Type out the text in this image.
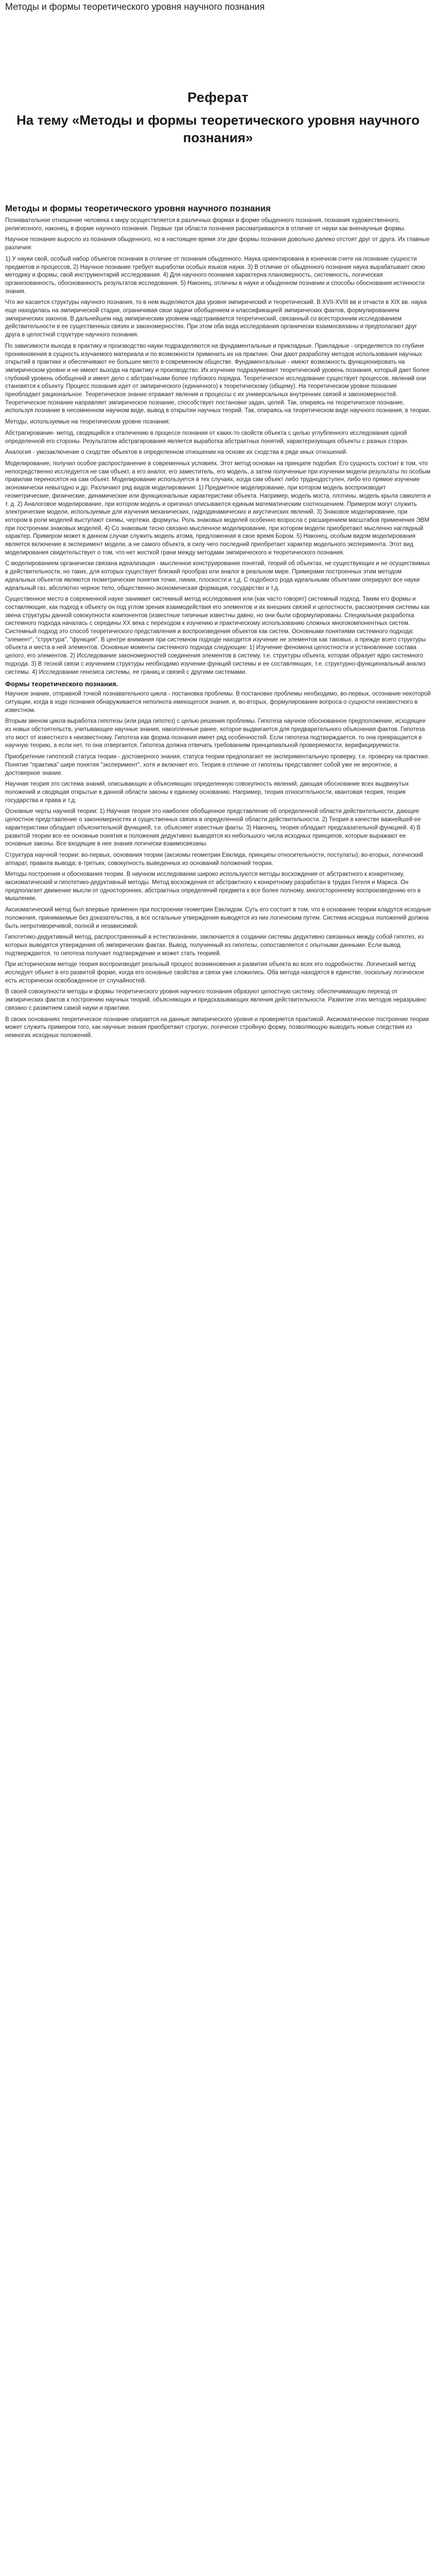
Методы и формы теоретического уровня научного познания
Реферат
На тему «Методы и формы теоретического уровня научного познания»
Методы и формы теоретического уровня научного познания

Познавательное отношение человека к миру осуществляется в различных формах в форме обыденного познания, познания художественного, религиозного, наконец, в форме научного познания. Первые три области познания рассматриваются в отличие от науки как вненаучные формы.

Научное познание выросло из познания обыденного, но в настоящее время эти две формы познания довольно далеко отстоят друг от друга. Их главные различия:

1) У науки свой, особый набор объектов познания в отличие от познания обыденного. Наука ориентирована в конечном счете на познание сущности предметов и процессов, 2) Научное познание требует выработки особых языков науки. 3) В отличие от обыденного познания наука вырабатывает свою методику и формы, свой инструментарий исследования. 4) Для научного познания характерна планомерность, системность, логическая организованность, обоснованность результатов исследования. 5) Наконец, отличны в науке и обыденном познании и способы обоснования истинности знания.

Что же касается структуры научного познания, то в нем выделяются два уровня эмпирический и теоретический. В XVII-XVIII вв и отчасти в XIX вв. наука еще находилась на эмпирической стадии, ограничивая свои задачи обобщением и классификацией эмпирических фактов, формулированием эмпирических законов. В дальнейшем над эмпирическим уровнем надстраивается теоретический, связанный со всесторонним исследованием действительности в ее существенных связях и закономерностях. При этом оба вида исследования органически взаимосвязаны и предполагают друг друга в целостной структуре научного познания.

По зависимости выхода в практику и производство науки подразделяются на фундаментальные и прикладные. Прикладные - определяется по глубине проникновения в сущность изучаемого материала и по возможности применить их на практике. Они дают разработку методов использования научных открытий в практике и обеспечивают ее большее место в современном обществе. Фундаментальные - имеют возможность функционировать на эмпирическом уровне и не имеют выхода на практику и производство. Их изучение подразумевает теоретический уровень познания, который дает более глубокий уровень обобщений и имеет дело с абстрактными более глубокого порядка. Теоретическое исследование существует процессов, явлений они становятся к объекту. Процесс познания идет от эмпирического (единичного) к теоретическому (общему). На теоретическом уровне познания преобладает рациональное. Теоретическое знание отражает явления и процессы с их универсальных внутренних связей и закономерностей. Теоретическое познание направляет эмпирическое познание, способствует постановке задач, целей. Так, опираясь на теоретическое познание, используя познание в несомненном научном виде, вывод в открытии научных теорий. Так, опираясь на теоретическом виде научного познания, в теории.

Методы, используемые на теоретическом уровне познания:

Абстрагирование- метод, сводящийся к отвлечению в процессе познания от каких-то свойств объекта с целью углубленного исследования одной определенной его стороны. Результатом абстрагирования является выработка абстрактных понятий, характеризующих объекты с разных сторон.

Аналогия - умозаключение о сходстве объектов в определенном отношении на основе их сходства в ряде иных отношений.

Моделирование, получил особое распространение в современных условиях. Этот метод основан на принципе подобия. Его сущность состоит в том, что непосредственно исследуется не сам объект, а его аналог, его заместитель, его модель, а затем полученные при изучении модели результаты по особым правилам переносятся на сам объект. Моделирование используется в тех случаях, когда сам объект либо труднодоступен, либо его прямое изучение экономически невыгодно и др. Различают ряд видов моделирования: 1) Предметное моделирование, при котором модель воспроизводит геометрические, физические, динамические или функциональные характеристики объекта. Например, модель моста, плотины, модель крыла самолета и т. д. 2) Аналоговое моделирование, при котором модель и оригинал описываются единым математическим соотношением. Примером могут служить электрические модели, используемые для изучения механических, гидродинамических и акустических явлений. 3) Знаковое моделирование, при котором в роли моделей выступают схемы, чертежи, формулы. Роль знаковых моделей особенно возросла с расширением масштабов применения ЭВМ при построении знаковых моделей. 4) Со знаковым тесно связано мысленное моделирование, при котором модели приобретают мысленно наглядный характер. Примером может в данном случае служить модель атома, предложенная в свое время Бором. 5) Наконец, особым видом моделирования является включение в эксперимент модели, а не самого объекта, в силу чего последний приобретает характер модельного эксперимента. Этот вид моделирования свидетельствует о том, что нет жесткой грани между методами эмпирического и теоретического познания.

С моделированием органически связана идеализация - мысленное конструирование понятий, теорий об объектах, не существующих и не осуществимых в действительности, но таких, для которых существует близкий прообраз или аналог в реальном мире. Примерами построенных этим методом идеальных объектов являются геометрические понятия точки, линии, плоскости и т.д. С подобного рода идеальными объектами оперируют все науки идеальный газ, абсолютно черное тело, общественно-экономическая формация, государство и т.д.

Существенное место в современной науке занимает системный метод исследования или (как часто говорят) системный подход. Таким его формы и составляющие, как подход к объекту он под углом зрения взаимодействия его элементов и их внешних связей и целостности, рассмотрения системы как звена структуры данной совокупности компонентов (известные типичные известны давно, но они были сформулированы. Специальная разработка системного подхода началась с середины XX века с переходом к изучению и практическому использованию сложных многокомпонентных систем. Системный подход это способ теоретического представления и воспроизведения объектов как систем. Основными понятиями системного подхода: "элемент", "структура", "функция". В центре внимания при системном подходе находится изучение не элементов как таковых, а прежде всего структуры объекта и места в ней элементов. Основные моменты системного подхода следующие: 1) Изучение феномена целостности и установление состава целого, его элементов. 2) Исследование закономерностей соединения элементов в систему, т.е. структуры объекта, которая образует ядро системного подхода. 3) В тесной связи с изучением структуры необходимо изучение функций системы и ее составляющих, т.е. структурно-функциональный анализ системы. 4) Исследование генезиса системы, ее границ и связей с другими системами.

Формы теоретического познания.

Научное знание, отправной точкой познавательного цикла - постановка проблемы. В постановке проблемы необходимо, во-первых, осознание некоторой ситуации, когда в ходе познания обнаруживается неполнота имеющегося знания, и, во-вторых, формулирование вопроса о сущности неизвестного в известном.

Вторым звеном цикла выработка гипотезы (или ряда гипотез) с целью решения проблемы. Гипотеза научное обоснованное предположение, исходящее из новых обстоятельств, учитывающее научные знания, накопленные ранее, которое выдвигается для предварительного объяснения фактов. Гипотеза это мост от известного к неизвестному. Гипотеза как форма познания имеет ряд особенностей. Если гипотеза подтверждается, то она превращается в научную теорию, а если нет, то она отвергается. Гипотеза должна отвечать требованиям принципиальной проверяемости, верифицируемости.

Приобретение гипотезой статуса теории - достоверного знания, статуса теории предполагает ее экспериментальную проверку, т.е. проверку на практике. Понятие "практика" шире понятия "эксперимент", хотя и включает его. Теория в отличие от гипотезы представляет собой уже не вероятное, а достоверное знание.

Научная теория это система знаний, описывающих и объясняющих определенную совокупность явлений, дающая обоснование всех выдвинутых положений и сводящая открытые в данной области законы к единому основанию. Например, теория относительности, квантовая теория, теория государства и права и т.д.

Основные черты научной теории: 1) Научная теория это наиболее обобщенное представление об определенной области действительности, дающее целостное представление о закономерностях и существенных связях в определенной области действительности. 2) Теория в качестве важнейшей ее характеристики обладает объяснительной функцией, т.е. объясняет известные факты. 3) Наконец, теория обладает предсказательной функцией. 4) В развитой теории все ее основные понятия и положения дедуктивно выводятся из небольшого числа исходных принципов, которые выражают ее основные законы. Все входящие в нее знания логически взаимосвязаны.

Структура научной теории: во-первых, основания теории (аксиомы геометрии Евклида, принципы относительности, постулаты); во-вторых, логический аппарат, правила вывода; в-третьих, совокупность выведенных из оснований положений теории.

Методы построения и обоснования теории. В научном исследовании широко используются методы восхождения от абстрактного к конкретному, аксиоматический и гипотетико-дедуктивный методы. Метод восхождения от абстрактного к конкретному разработан в трудах Гегеля и Маркса. Он предполагает движение мысли от односторонних, абстрактных определений предмета к все более полному, многостороннему воспроизведению его в мышлении.

Аксиоматический метод был впервые применен при построении геометрии Евклидом. Суть его состоит в том, что в основание теории кладутся исходные положения, принимаемые без доказательства, а все остальные утверждения выводятся из них логическим путем. Система исходных положений должна быть непротиворечивой, полной и независимой.

Гипотетико-дедуктивный метод, распространенный в естествознании, заключается в создании системы дедуктивно связанных между собой гипотез, из которых выводятся утверждения об эмпирических фактах. Вывод, полученный из гипотезы, сопоставляется с опытными данными. Если вывод подтверждается, то гипотеза получает подтверждение и может стать теорией.

При историческом методе теория воспроизводит реальный процесс возникновения и развития объекта во всех его подробностях. Логический метод исследует объект в его развитой форме, когда его основные свойства и связи уже сложились. Оба метода находятся в единстве, поскольку логическое есть исторически освобожденное от случайностей.

В своей совокупности методы и формы теоретического уровня научного познания образуют целостную систему, обеспечивающую переход от эмпирических фактов к построению научных теорий, объясняющих и предсказывающих явления действительности. Развитие этих методов неразрывно связано с развитием самой науки и практики.

В своих основаниях теоретическое познание опирается на данные эмпирического уровня и проверяется практикой. Аксиоматическое построение теории может служить примером того, как научные знания приобретают строгую, логически стройную форму, позволяющую выводить новые следствия из немногих исходных положений.
